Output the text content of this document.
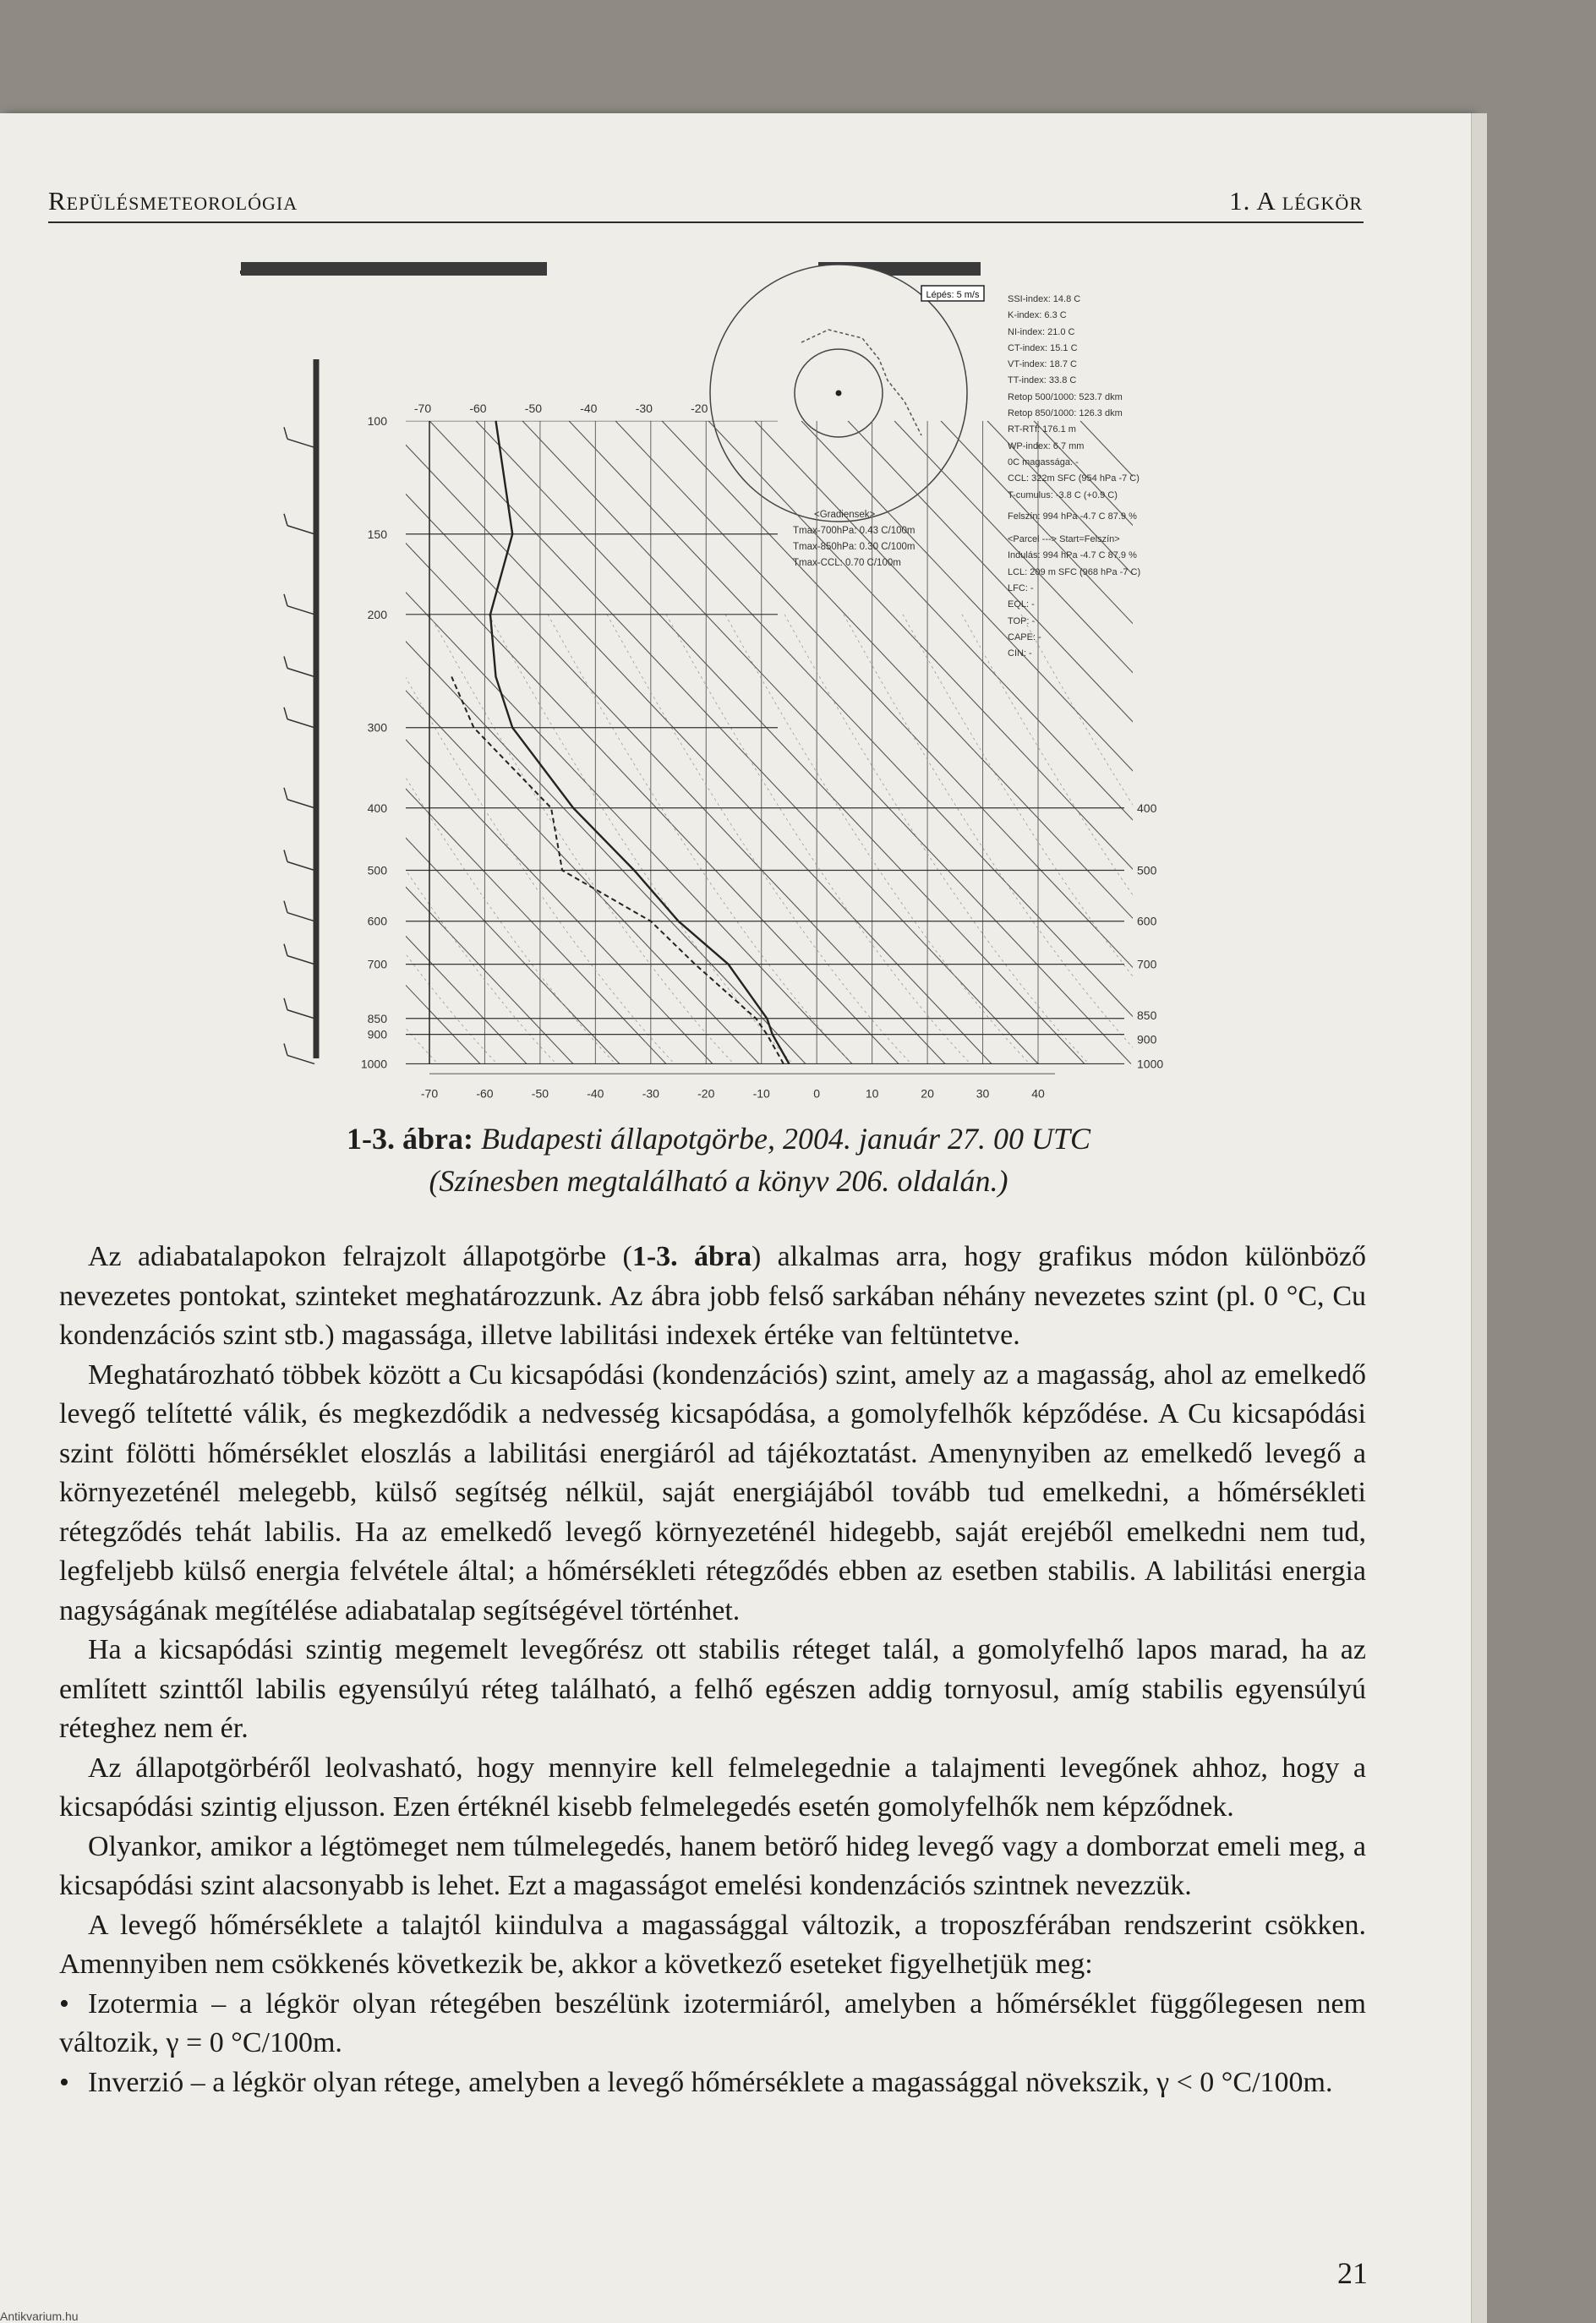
Repülésmeteorológia	1. A légkör
Lépés: 5 m/s
100
150
200
300
400
500
600
700
850
900
1000
400
500
600
700
850
900
1000
-70	-60	-50	-40	-30	-20
-70	-60	-50	-40	-30	-20	-10	0	10	20	30	40
<Gradiensek>
Tmax-700hPa: 0.43 C/100m
Tmax-850hPa: 0.30 C/100m
Tmax-CCL: 0.70 C/100m
SSI-index: 14.8 C
K-index: 6.3 C
NI-index: 21.0 C
CT-index: 15.1 C
VT-index: 18.7 C
TT-index: 33.8 C
Retop 500/1000: 523.7 dkm
Retop 850/1000: 126.3 dkm
RT-RTf: 176.1 m
WP-index: 6.7 mm
0C magassága: -
CCL: 322m SFC (954 hPa -7 C)
T-cumulus: -3.8 C (+0.9 C)
Felszín: 994 hPa -4.7 C 87.9 %
<Parcel ---> Start=Felszín>
Indulás: 994 hPa -4.7 C 87.9 %
LCL: 209 m SFC (968 hPa -7 C)
LFC: -
EQL: -
TOP: -
CAPE: -
CIN: -
1-3. ábra: Budapesti állapotgörbe, 2004. január 27. 00 UTC
(Színesben megtalálható a könyv 206. oldalán.)

Az adiabatalapokon felrajzolt állapotgörbe (1-3. ábra) alkalmas arra, hogy grafikus módon különböző nevezetes pontokat, szinteket meghatározzunk. Az ábra jobb felső sarkában néhány nevezetes szint (pl. 0 °C, Cu kondenzációs szint stb.) magassága, illetve labilitási indexek értéke van feltüntetve.

Meghatározható többek között a Cu kicsapódási (kondenzációs) szint, amely az a magasság, ahol az emelkedő levegő telítetté válik, és megkezdődik a nedvesség kicsapódása, a gomolyfelhők képződése. A Cu kicsapódási szint fölötti hőmérséklet eloszlás a labilitási energiáról ad tájékoztatást. Amenynyiben az emelkedő levegő a környezeténél melegebb, külső segítség nélkül, saját energiájából tovább tud emelkedni, a hőmérsékleti rétegződés tehát labilis. Ha az emelkedő levegő környezeténél hidegebb, saját erejéből emelkedni nem tud, legfeljebb külső energia felvétele által; a hőmérsékleti rétegződés ebben az esetben stabilis. A labilitási energia nagyságának megítélése adiabatalap segítségével történhet.

Ha a kicsapódási szintig megemelt levegőrész ott stabilis réteget talál, a gomolyfelhő lapos marad, ha az említett szinttől labilis egyensúlyú réteg található, a felhő egészen addig tornyosul, amíg stabilis egyensúlyú réteghez nem ér.

Az állapotgörbéről leolvasható, hogy mennyire kell felmelegednie a talajmenti levegőnek ahhoz, hogy a kicsapódási szintig eljusson. Ezen értéknél kisebb felmelegedés esetén gomolyfelhők nem képződnek.

Olyankor, amikor a légtömeget nem túlmelegedés, hanem betörő hideg levegő vagy a domborzat emeli meg, a kicsapódási szint alacsonyabb is lehet. Ezt a magasságot emelési kondenzációs szintnek nevezzük.

A levegő hőmérséklete a talajtól kiindulva a magassággal változik, a troposzférában rendszerint csökken. Amennyiben nem csökkenés következik be, akkor a következő eseteket figyelhetjük meg:

• Izotermia – a légkör olyan rétegében beszélünk izotermiáról, amelyben a hőmérséklet függőlegesen nem változik, γ = 0 °C/100m.

• Inverzió – a légkör olyan rétege, amelyben a levegő hőmérséklete a magassággal növekszik, γ < 0 °C/100m.

21
Antikvarium.hu
